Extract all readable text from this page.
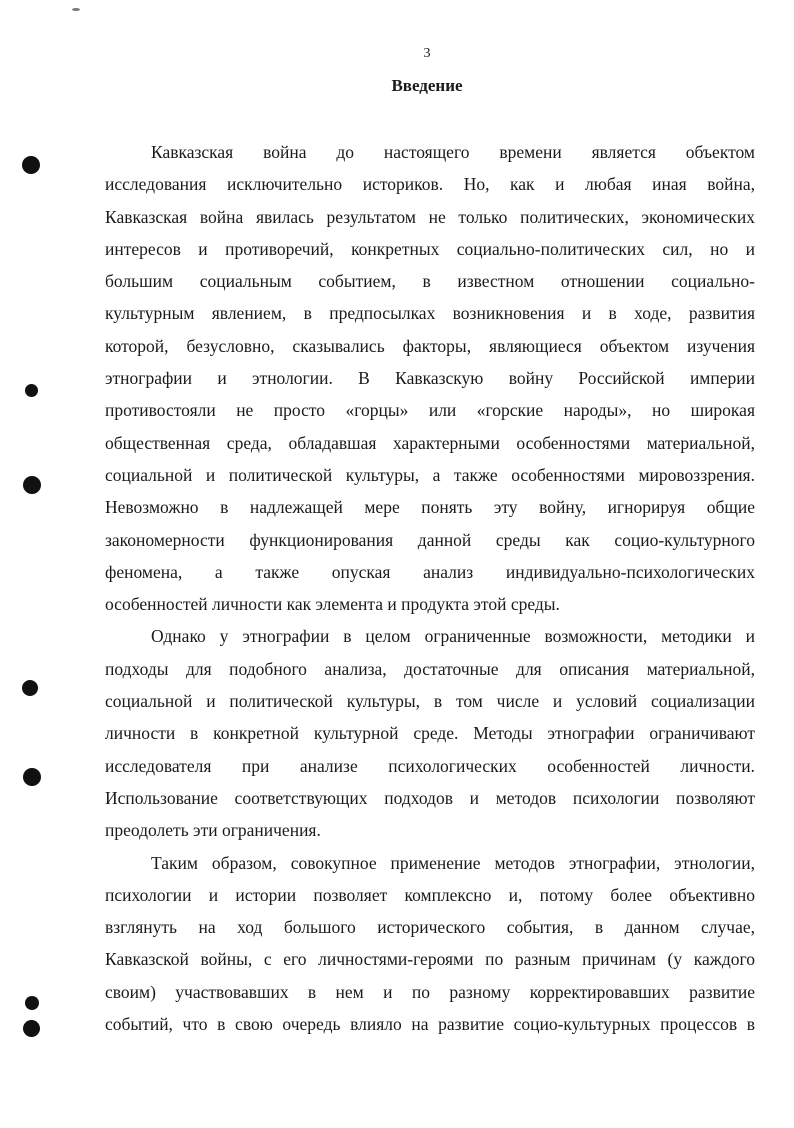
3
Введение

Кавказская война до настоящего времени является объектом
исследования исключительно историков. Но, как и любая иная война,
Кавказская война явилась результатом не только политических, экономических
интересов и противоречий, конкретных социально-политических сил, но и
большим социальным событием, в известном отношении социально-
культурным явлением, в предпосылках возникновения и в ходе, развития
которой, безусловно, сказывались факторы, являющиеся объектом изучения
этнографии и этнологии. В Кавказскую войну Российской империи
противостояли не просто «горцы» или «горские народы», но широкая
общественная среда, обладавшая характерными особенностями материальной,
социальной и политической культуры, а также особенностями мировоззрения.
Невозможно в надлежащей мере понять эту войну, игнорируя общие
закономерности функционирования данной среды как социо-культурного
феномена, а также опуская анализ индивидуально-психологических
особенностей личности как элемента и продукта этой среды.

Однако у этнографии в целом ограниченные возможности, методики и
подходы для подобного анализа, достаточные для описания материальной,
социальной и политической культуры, в том числе и условий социализации
личности в конкретной культурной среде. Методы этнографии ограничивают
исследователя при анализе психологических особенностей личности.
Использование соответствующих подходов и методов психологии позволяют
преодолеть эти ограничения.

Таким образом, совокупное применение методов этнографии, этнологии,
психологии и истории позволяет комплексно и, потому более объективно
взглянуть на ход большого исторического события, в данном случае,
Кавказской войны, с его личностями-героями по разным причинам (у каждого
своим) участвовавших в нем и по разному корректировавших развитие
событий, что в свою очередь влияло на развитие социо-культурных процессов в
